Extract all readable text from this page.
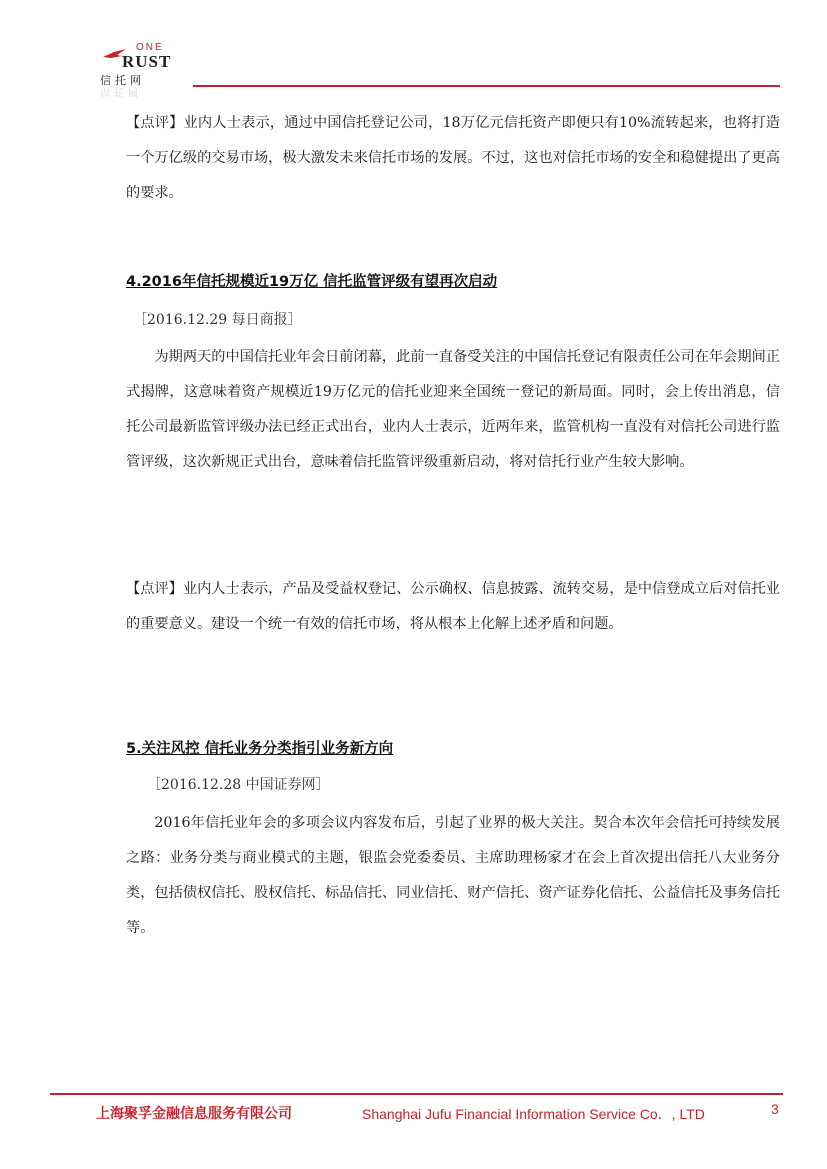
ONE
RUST
信托网
信托网

【点评】业内人士表示，通过中国信托登记公司，18万亿元信托资产即便只有10%流转起来，也将打造一个万亿级的交易市场，极大激发未来信托市场的发展。不过，这也对信托市场的安全和稳健提出了更高的要求。

4.2016年信托规模近19万亿 信托监管评级有望再次启动

［2016.12.29 每日商报］

为期两天的中国信托业年会日前闭幕，此前一直备受关注的中国信托登记有限责任公司在年会期间正式揭牌，这意味着资产规模近19万亿元的信托业迎来全国统一登记的新局面。同时，会上传出消息，信托公司最新监管评级办法已经正式出台，业内人士表示，近两年来，监管机构一直没有对信托公司进行监管评级，这次新规正式出台，意味着信托监管评级重新启动，将对信托行业产生较大影响。

【点评】业内人士表示，产品及受益权登记、公示确权、信息披露、流转交易，是中信登成立后对信托业的重要意义。建设一个统一有效的信托市场，将从根本上化解上述矛盾和问题。

5.关注风控 信托业务分类指引业务新方向

［2016.12.28 中国证券网］

2016年信托业年会的多项会议内容发布后，引起了业界的极大关注。契合本次年会信托可持续发展之路：业务分类与商业模式的主题，银监会党委委员、主席助理杨家才在会上首次提出信托八大业务分类，包括债权信托、股权信托、标品信托、同业信托、财产信托、资产证券化信托、公益信托及事务信托等。

上海聚孚金融信息服务有限公司	Shanghai Jufu Financial Information Service Co．, LTD	3
